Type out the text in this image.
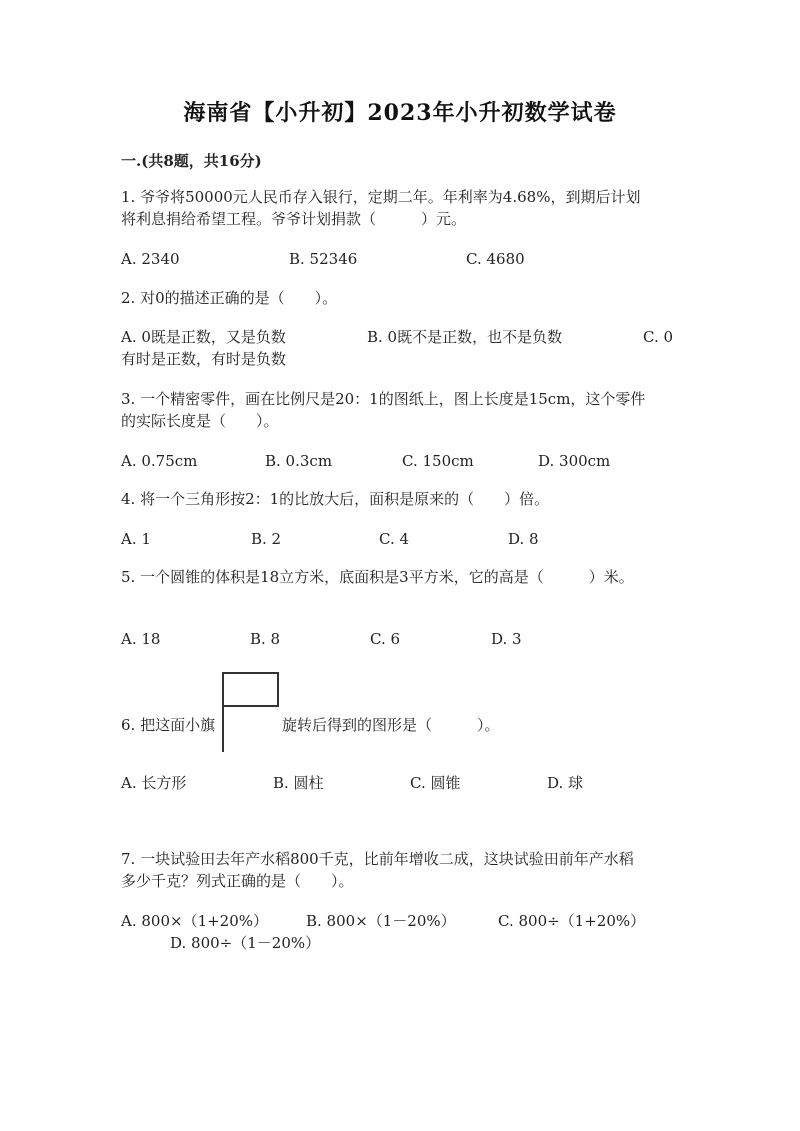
海南省【小升初】2023年小升初数学试卷
一.(共8题，共16分)
1. 爷爷将50000元人民币存入银行，定期二年。年利率为4.68%，到期后计划
将利息捐给希望工程。爷爷计划捐款（　　　）元。
A. 2340	B. 52346	C. 4680
2. 对0的描述正确的是（　　）。
A. 0既是正数，又是负数	B. 0既不是正数，也不是负数	C. 0
有时是正数，有时是负数
3. 一个精密零件，画在比例尺是20：1的图纸上，图上长度是15cm，这个零件
的实际长度是（　　）。
A. 0.75cm	B. 0.3cm	C. 150cm	D. 300cm
4. 将一个三角形按2：1的比放大后，面积是原来的（　　）倍。
A. 1	B. 2	C. 4	D. 8
5. 一个圆锥的体积是18立方米，底面积是3平方米，它的高是（　　　）米。
A. 18	B. 8	C. 6	D. 3
6. 把这面小旗	旋转后得到的图形是（　　　）。
A. 长方形	B. 圆柱	C. 圆锥	D. 球
7. 一块试验田去年产水稻800千克，比前年增收二成，这块试验田前年产水稻
多少千克？列式正确的是（　　）。
A. 800×（1+20%）	B. 800×（1－20%）	C. 800÷（1+20%）
D. 800÷（1－20%）
